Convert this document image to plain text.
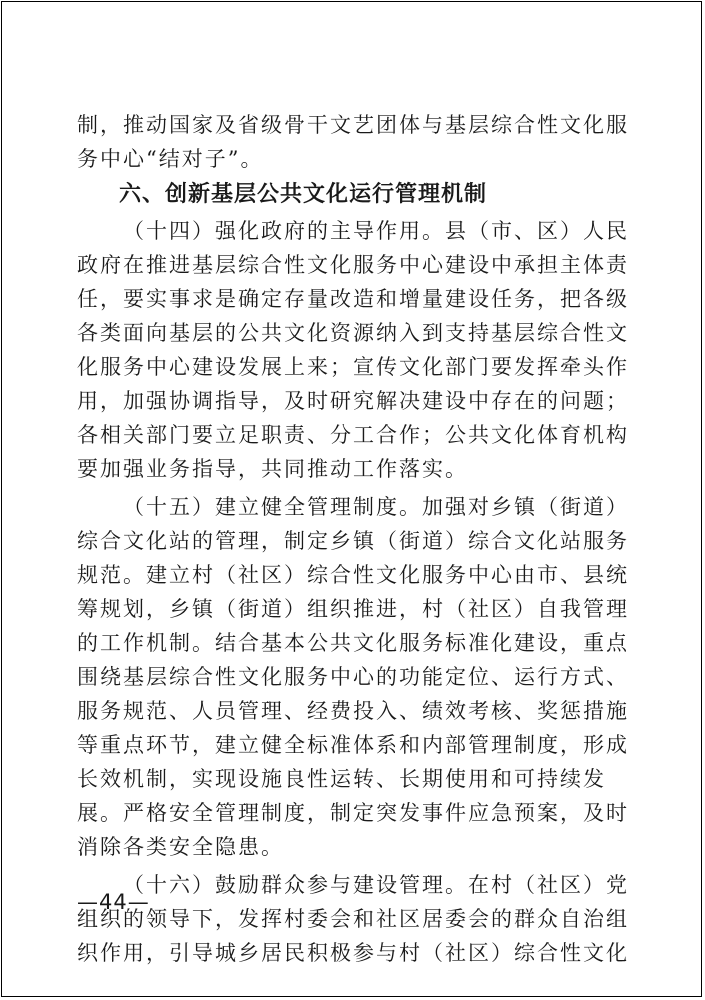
制，推动国家及省级骨干文艺团体与基层综合性文化服
务中心“结对子”。
六、创新基层公共文化运行管理机制
（十四）强化政府的主导作用。县（市、区）人民
政府在推进基层综合性文化服务中心建设中承担主体责
任，要实事求是确定存量改造和增量建设任务，把各级
各类面向基层的公共文化资源纳入到支持基层综合性文
化服务中心建设发展上来；宣传文化部门要发挥牵头作
用，加强协调指导，及时研究解决建设中存在的问题；
各相关部门要立足职责、分工合作；公共文化体育机构
要加强业务指导，共同推动工作落实。
（十五）建立健全管理制度。加强对乡镇（街道）
综合文化站的管理，制定乡镇（街道）综合文化站服务
规范。建立村（社区）综合性文化服务中心由市、县统
筹规划，乡镇（街道）组织推进，村（社区）自我管理
的工作机制。结合基本公共文化服务标准化建设，重点
围绕基层综合性文化服务中心的功能定位、运行方式、
服务规范、人员管理、经费投入、绩效考核、奖惩措施
等重点环节，建立健全标准体系和内部管理制度，形成
长效机制，实现设施良性运转、长期使用和可持续发
展。严格安全管理制度，制定突发事件应急预案，及时
消除各类安全隐患。
（十六）鼓励群众参与建设管理。在村（社区）党
组织的领导下，发挥村委会和社区居委会的群众自治组
织作用，引导城乡居民积极参与村（社区）综合性文化
—44—
